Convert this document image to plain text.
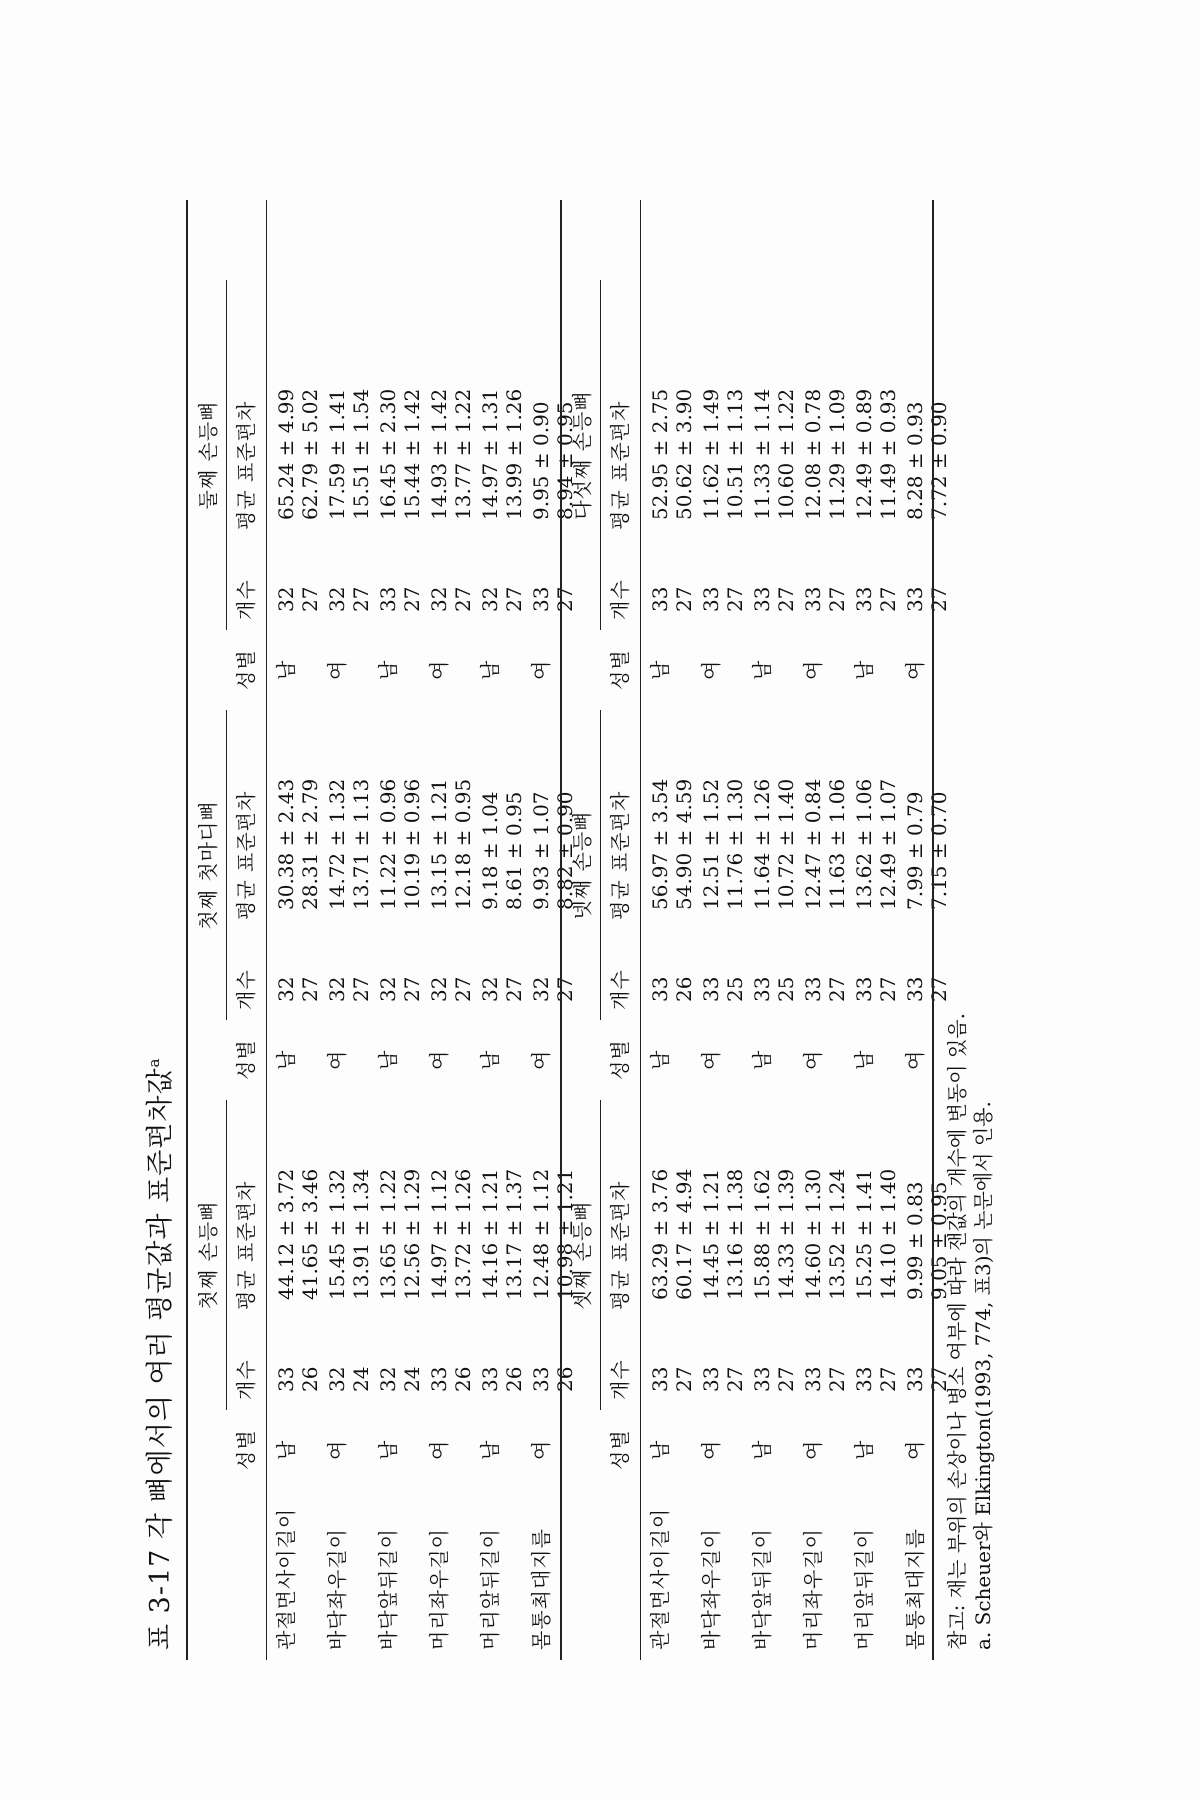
표 3-17 각 뼈에서의 여러 평균값과 표준편차값$^a$
첫째 손등뼈
첫째 첫마디뼈
둘째 손등뼈
성별
개수
평균 표준편차
성별
개수
평균 표준편차
성별
개수
평균 표준편차
관절면사이길이
남
남
남
33
44.12 ± 3.72
32
30.38 ± 2.43
32
65.24 ± 4.99
26
41.65 ± 3.46
27
28.31 ± 2.79
27
62.79 ± 5.02
바닥좌우길이
여
여
여
32
15.45 ± 1.32
32
14.72 ± 1.32
32
17.59 ± 1.41
24
13.91 ± 1.34
27
13.71 ± 1.13
27
15.51 ± 1.54
바닥앞뒤길이
남
남
남
32
13.65 ± 1.22
32
11.22 ± 0.96
33
16.45 ± 2.30
24
12.56 ± 1.29
27
10.19 ± 0.96
27
15.44 ± 1.42
머리좌우길이
여
여
여
33
14.97 ± 1.12
32
13.15 ± 1.21
32
14.93 ± 1.42
26
13.72 ± 1.26
27
12.18 ± 0.95
27
13.77 ± 1.22
머리앞뒤길이
남
남
남
33
14.16 ± 1.21
32
9.18 ± 1.04
32
14.97 ± 1.31
26
13.17 ± 1.37
27
8.61 ± 0.95
27
13.99 ± 1.26
몸통최대지름
여
여
여
33
12.48 ± 1.12
32
9.93 ± 1.07
33
9.95 ± 0.90
26
10.98 ± 1.21
27
8.82 ± 0.90
27
8.94 ± 0.95
셋째 손등뼈
넷째 손등뼈
다섯째 손등뼈
성별
개수
평균 표준편차
성별
개수
평균 표준편차
성별
개수
평균 표준편차
관절면사이길이
남
남
남
33
63.29 ± 3.76
33
56.97 ± 3.54
33
52.95 ± 2.75
27
60.17 ± 4.94
26
54.90 ± 4.59
27
50.62 ± 3.90
바닥좌우길이
여
여
여
33
14.45 ± 1.21
33
12.51 ± 1.52
33
11.62 ± 1.49
27
13.16 ± 1.38
25
11.76 ± 1.30
27
10.51 ± 1.13
바닥앞뒤길이
남
남
남
33
15.88 ± 1.62
33
11.64 ± 1.26
33
11.33 ± 1.14
27
14.33 ± 1.39
25
10.72 ± 1.40
27
10.60 ± 1.22
머리좌우길이
여
여
여
33
14.60 ± 1.30
33
12.47 ± 0.84
33
12.08 ± 0.78
27
13.52 ± 1.24
27
11.63 ± 1.06
27
11.29 ± 1.09
머리앞뒤길이
남
남
남
33
15.25 ± 1.41
33
13.62 ± 1.06
33
12.49 ± 0.89
27
14.10 ± 1.40
27
12.49 ± 1.07
27
11.49 ± 0.93
몸통최대지름
여
여
여
33
9.99 ± 0.83
33
7.99 ± 0.79
33
8.28 ± 0.93
27
9.05 ± 0.95
27
7.15 ± 0.70
27
7.72 ± 0.90
참고: 재는 부위의 손상이나 병소 여부에 따라 잰값의 개수에 변동이 있음. a. Scheuer와 Elkington(1993, 774, 표3)의 논문에서 인용.
